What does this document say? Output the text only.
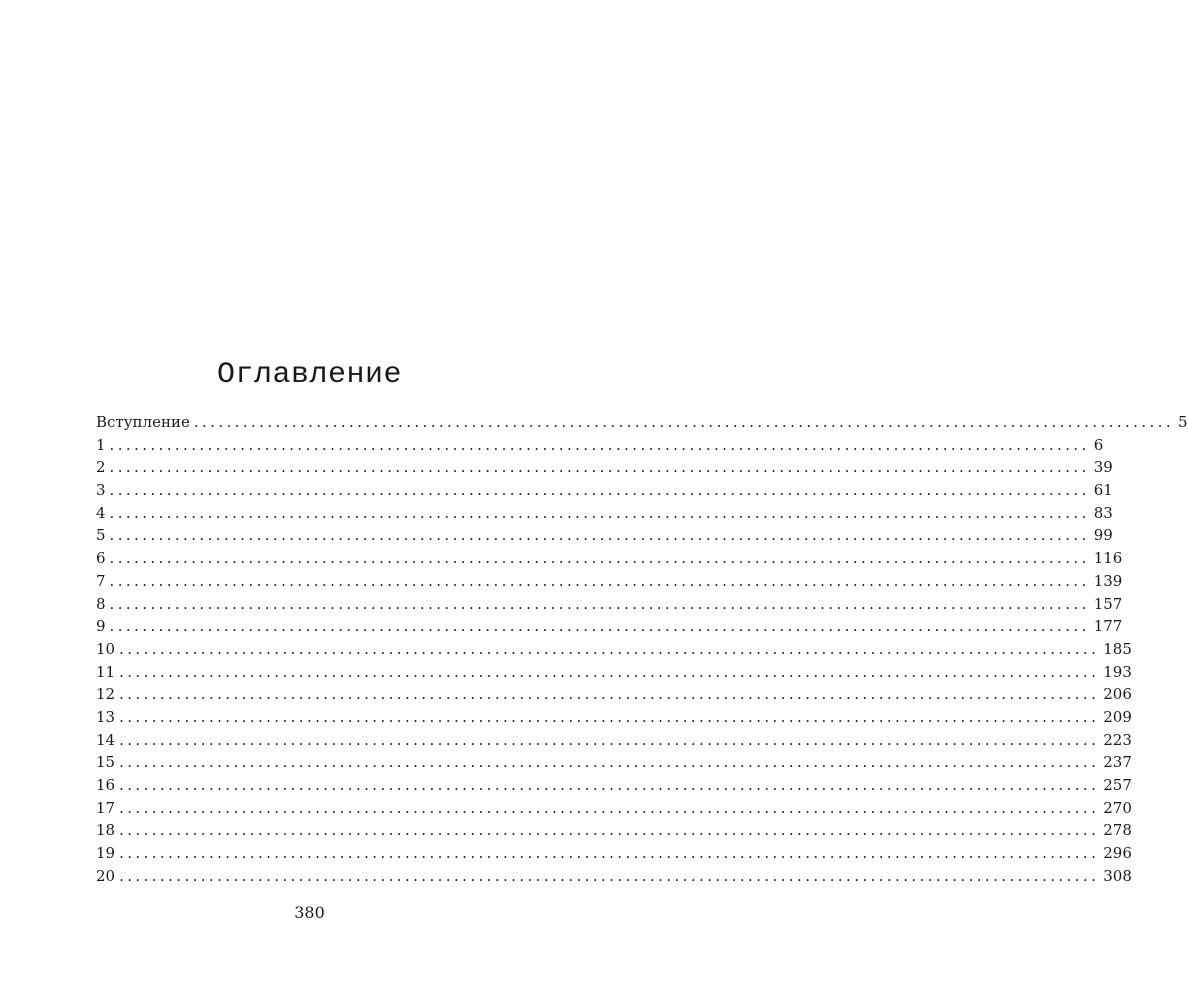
Оглавление
Вступление ........................................................................................................................ 5
1 ........................................................................................................................ 6
2 ........................................................................................................................ 39
3 ........................................................................................................................ 61
4 ........................................................................................................................ 83
5 ........................................................................................................................ 99
6 ........................................................................................................................ 116
7 ........................................................................................................................ 139
8 ........................................................................................................................ 157
9 ........................................................................................................................ 177
10 ........................................................................................................................ 185
11 ........................................................................................................................ 193
12 ........................................................................................................................ 206
13 ........................................................................................................................ 209
14 ........................................................................................................................ 223
15 ........................................................................................................................ 237
16 ........................................................................................................................ 257
17 ........................................................................................................................ 270
18 ........................................................................................................................ 278
19 ........................................................................................................................ 296
20 ........................................................................................................................ 308
380
